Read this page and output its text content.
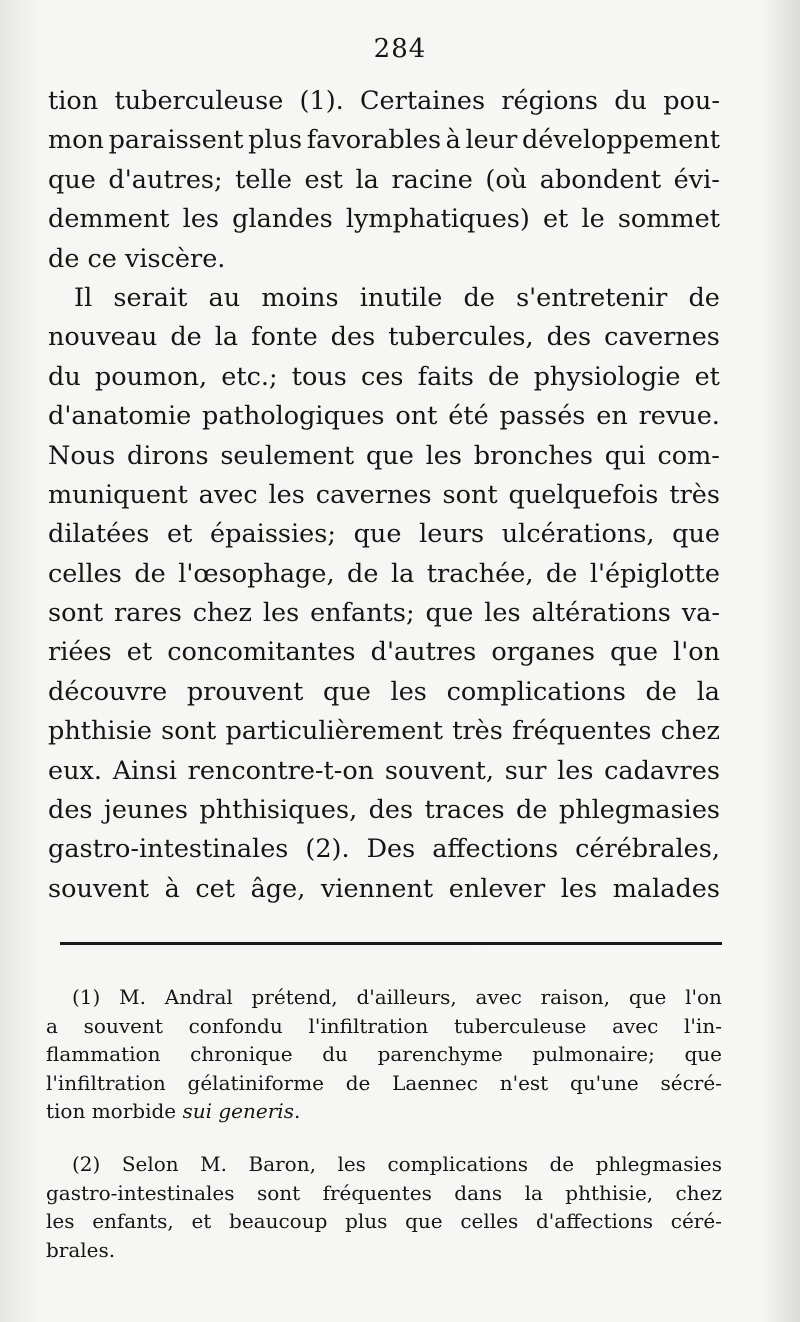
284
tion tuberculeuse (1). Certaines régions du pou-
mon paraissent plus favorables à leur développement
que d'autres; telle est la racine (où abondent évi-
demment les glandes lymphatiques) et le sommet
de ce viscère.
Il serait au moins inutile de s'entretenir de
nouveau de la fonte des tubercules, des cavernes
du poumon, etc.; tous ces faits de physiologie et
d'anatomie pathologiques ont été passés en revue.
Nous dirons seulement que les bronches qui com-
muniquent avec les cavernes sont quelquefois très
dilatées et épaissies; que leurs ulcérations, que
celles de l'œsophage, de la trachée, de l'épiglotte
sont rares chez les enfants; que les altérations va-
riées et concomitantes d'autres organes que l'on
découvre prouvent que les complications de la
phthisie sont particulièrement très fréquentes chez
eux. Ainsi rencontre-t-on souvent, sur les cadavres
des jeunes phthisiques, des traces de phlegmasies
gastro-intestinales (2). Des affections cérébrales,
souvent à cet âge, viennent enlever les malades
(1) M. Andral prétend, d'ailleurs, avec raison, que l'on
a souvent confondu l'infiltration tuberculeuse avec l'in-
flammation chronique du parenchyme pulmonaire; que
l'infiltration gélatiniforme de Laennec n'est qu'une sécré-
tion morbide
sui generis .
(2) Selon M. Baron, les complications de phlegmasies
gastro-intestinales sont fréquentes dans la phthisie, chez
les enfants, et beaucoup plus que celles d'affections céré-
brales.
